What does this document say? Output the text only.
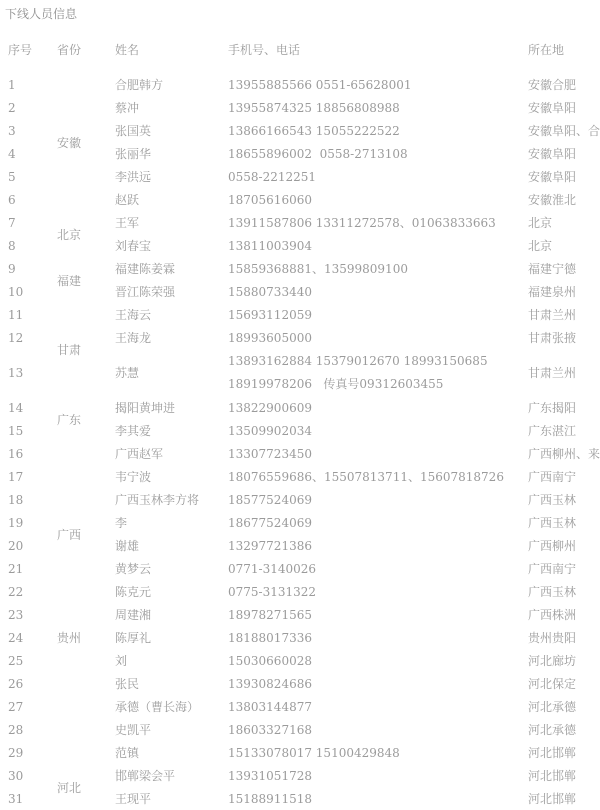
下线人员信息
序号	省份	姓名	手机号、电话	所在地
1	安徽	合肥韩方	13955885566 0551-65628001	安徽合肥
2		蔡冲	13955874325 18856808988	安徽阜阳
3		张国英	13866166543 15055222522	安徽阜阳、合
4		张丽华	18655896002  0558-2713108	安徽阜阳
5		李洪远	0558-2212251	安徽阜阳
6		赵跃	18705616060	安徽淮北
7	北京	王军	13911587806 13311272578、01063833663	北京
8		刘春宝	13811003904	北京
9	福建	福建陈姜霖	15859368881、13599809100	福建宁德
10		晋江陈荣强	15880733440	福建泉州
11	甘肃	王海云	15693112059	甘肃兰州
12		王海龙	18993605000	甘肃张掖
13		苏慧	13893162884 15379012670 18993150685
18919978206   传真号09312603455	甘肃兰州
14	广东	揭阳黄坤进	13822900609	广东揭阳
15		李其爱	13509902034	广东湛江
16	广西	广西赵军	13307723450	广西柳州、来
17		韦宁波	18076559686、15507813711、15607818726	广西南宁
18		广西玉林李方将	18577524069	广西玉林
19		李	18677524069	广西玉林
20		谢雄	13297721386	广西柳州
21		黄梦云	0771-3140026	广西南宁
22		陈克元	0775-3131322	广西玉林
23		周建湘	18978271565	广西株洲
24	贵州	陈厚礼	18188017336	贵州贵阳
25	河北	刘	15030660028	河北廊坊
26		张民	13930824686	河北保定
27		承德（曹长海）	13803144877	河北承德
28		史凯平	18603327168	河北承德
29		范镇	15133078017 15100429848	河北邯郸
30		邯郸梁会平	13931051728	河北邯郸
31		王现平	15188911518	河北邯郸
